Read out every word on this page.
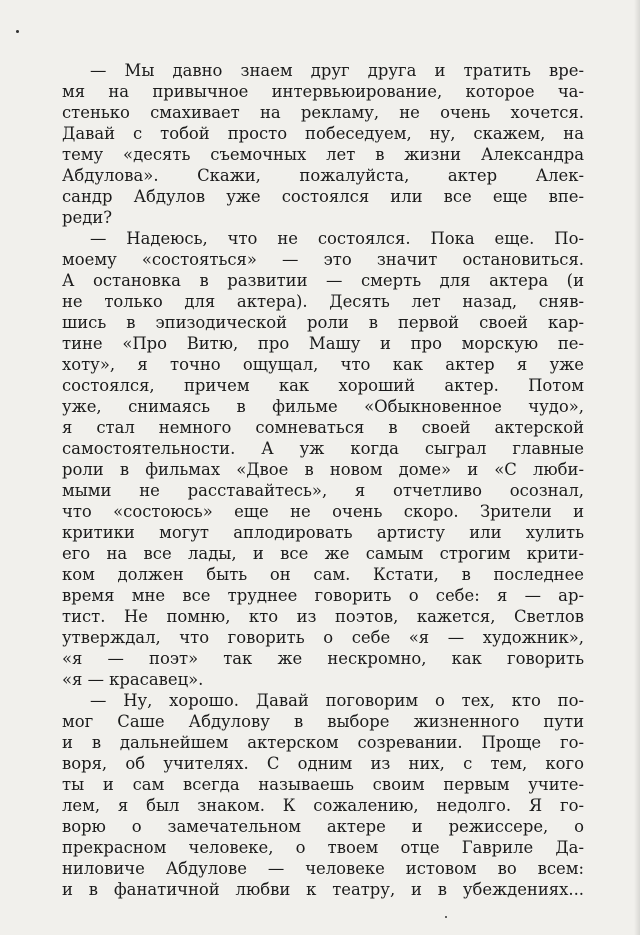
— Мы давно знаем друг друга и тратить вре-
мя на привычное интервьюирование, которое ча-
стенько смахивает на рекламу, не очень хочется.
Давай с тобой просто побеседуем, ну, скажем, на
тему «десять съемочных лет в жизни Александра
Абдулова». Скажи, пожалуйста, актер Алек-
сандр Абдулов уже состоялся или все еще впе-
реди?
— Надеюсь, что не состоялся. Пока еще. По-
моему «состояться» — это значит остановиться.
А остановка в развитии — смерть для актера (и
не только для актера). Десять лет назад, сняв-
шись в эпизодической роли в первой своей кар-
тине «Про Витю, про Машу и про морскую пе-
хоту», я точно ощущал, что как актер я уже
состоялся, причем как хороший актер. Потом
уже, снимаясь в фильме «Обыкновенное чудо»,
я стал немного сомневаться в своей актерской
самостоятельности. А уж когда сыграл главные
роли в фильмах «Двое в новом доме» и «С люби-
мыми не расставайтесь», я отчетливо осознал,
что «состоюсь» еще не очень скоро. Зрители и
критики могут аплодировать артисту или хулить
его на все лады, и все же самым строгим крити-
ком должен быть он сам. Кстати, в последнее
время мне все труднее говорить о себе: я — ар-
тист. Не помню, кто из поэтов, кажется, Светлов
утверждал, что говорить о себе «я — художник»,
«я — поэт» так же нескромно, как говорить
«я — красавец».
— Ну, хорошо. Давай поговорим о тех, кто по-
мог Саше Абдулову в выборе жизненного пути
и в дальнейшем актерском созревании. Проще го-
воря, об учителях. С одним из них, с тем, кого
ты и сам всегда называешь своим первым учите-
лем, я был знаком. К сожалению, недолго. Я го-
ворю о замечательном актере и режиссере, о
прекрасном человеке, о твоем отце Гавриле Да-
ниловиче Абдулове — человеке истовом во всем:
и в фанатичной любви к театру, и в убеждениях...
